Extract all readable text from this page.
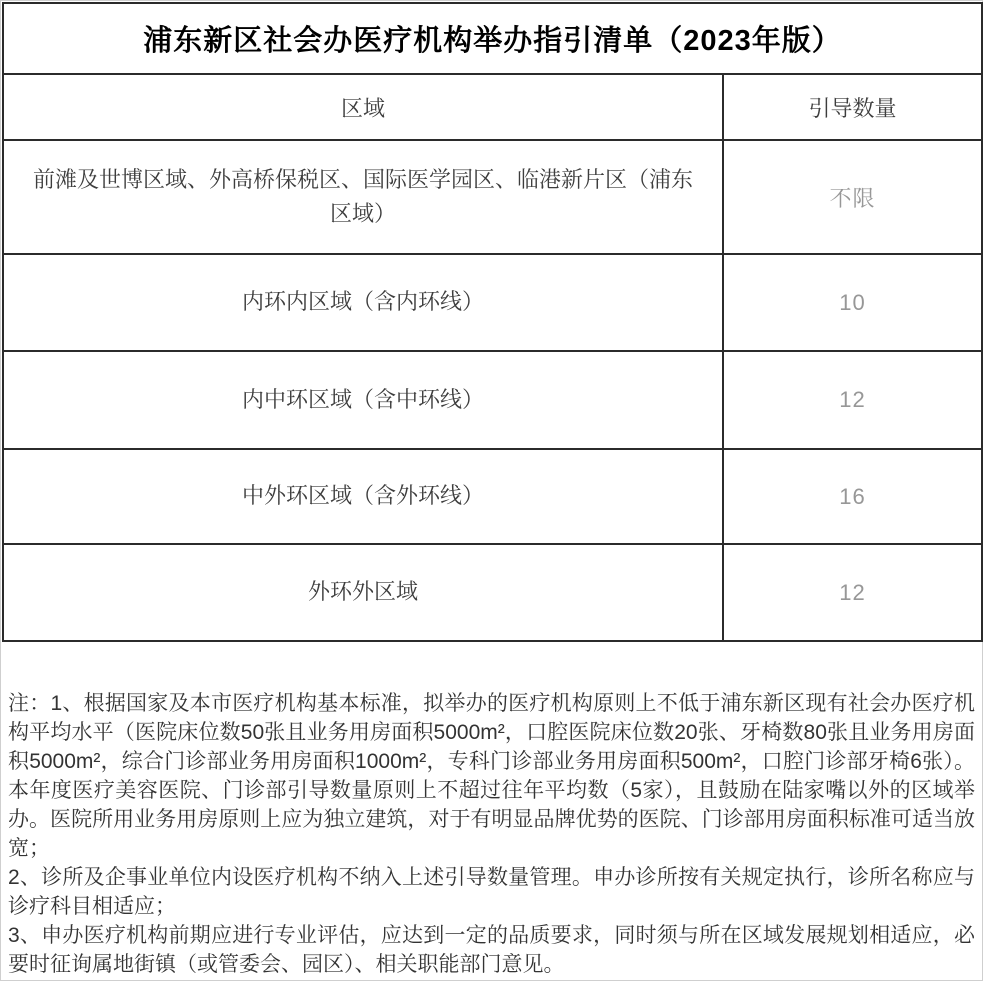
浦东新区社会办医疗机构举办指引清单（2023年版）	
区域	引导数量
前滩及世博区域、外高桥保税区、国际医学园区、临港新片区（浦东区域）	不限
内环内区域（含内环线）	10
内中环区域（含中环线）	12
中外环区域（含外环线）	16
外环外区域	12

注：1、根据国家及本市医疗机构基本标准，拟举办的医疗机构原则上不低于浦东新区现有社会办医疗机构平均水平（医院床位数50张且业务用房面积5000m²，口腔医院床位数20张、牙椅数80张且业务用房面积5000m²，综合门诊部业务用房面积1000m²，专科门诊部业务用房面积500m²，口腔门诊部牙椅6张）。本年度医疗美容医院、门诊部引导数量原则上不超过往年平均数（5家），且鼓励在陆家嘴以外的区域举办。医院所用业务用房原则上应为独立建筑，对于有明显品牌优势的医院、门诊部用房面积标准可适当放宽；

2、诊所及企事业单位内设医疗机构不纳入上述引导数量管理。申办诊所按有关规定执行，诊所名称应与诊疗科目相适应；

3、申办医疗机构前期应进行专业评估，应达到一定的品质要求，同时须与所在区域发展规划相适应，必要时征询属地街镇（或管委会、园区）、相关职能部门意见。
